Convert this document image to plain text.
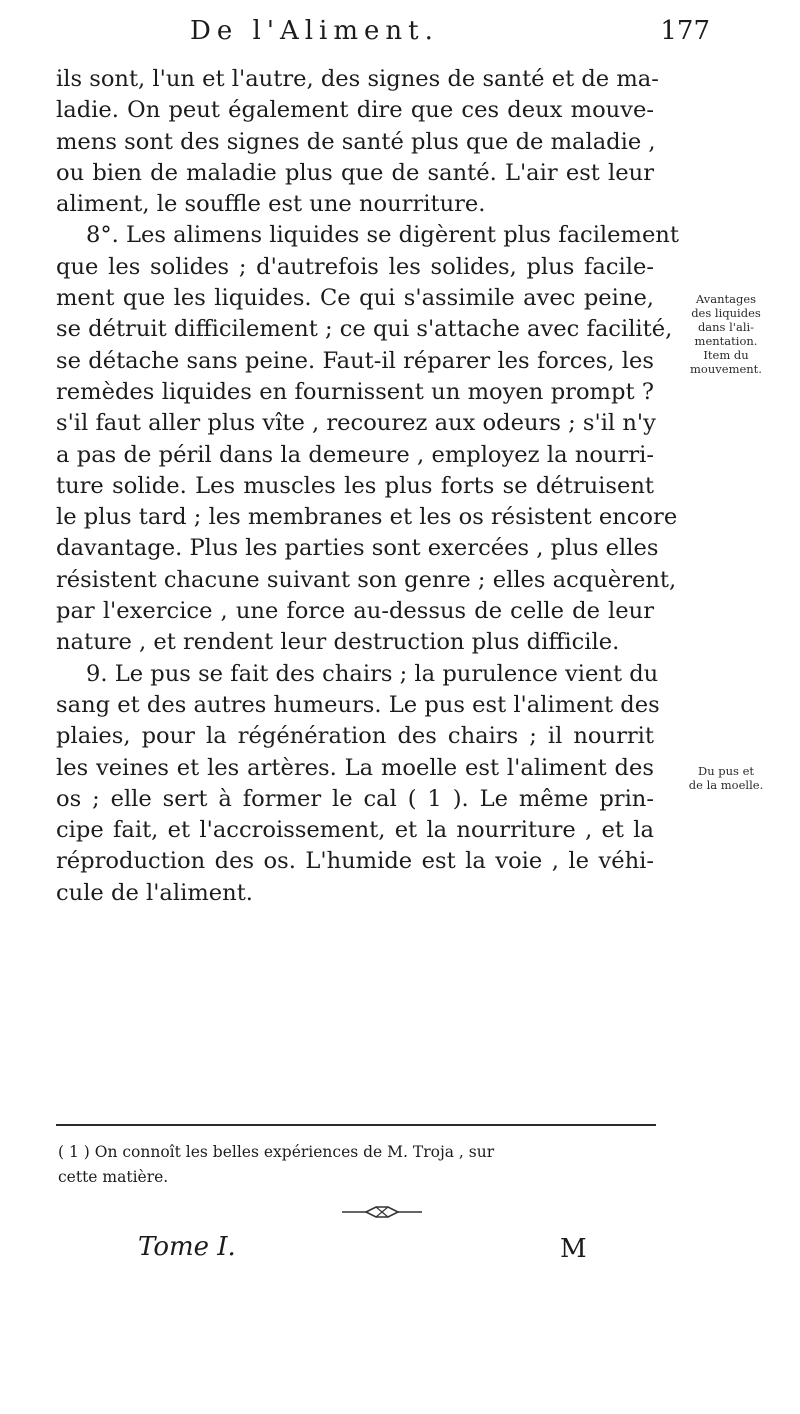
De l'Aliment.	177
ils sont, l'un et l'autre, des signes de santé et de ma-
ladie. On peut également dire que ces deux mouve-
mens sont des signes de santé plus que de maladie ,
ou bien de maladie plus que de santé. L'air est leur
aliment, le souffle est une nourriture.
8°. Les alimens liquides se digèrent plus facilement
que les solides ; d'autrefois les solides, plus facile-
ment que les liquides. Ce qui s'assimile avec peine,
se détruit difficilement ; ce qui s'attache avec facilité,
se détache sans peine. Faut-il réparer les forces, les
remèdes liquides en fournissent un moyen prompt ?
s'il faut aller plus vîte , recourez aux odeurs ; s'il n'y
a pas de péril dans la demeure , employez la nourri-
ture solide. Les muscles les plus forts se détruisent
le plus tard ; les membranes et les os résistent encore
davantage. Plus les parties sont exercées , plus elles
résistent chacune suivant son genre ; elles acquèrent,
par l'exercice , une force au-dessus de celle de leur
nature , et rendent leur destruction plus difficile.
9. Le pus se fait des chairs ; la purulence vient du
sang et des autres humeurs. Le pus est l'aliment des
plaies, pour la régénération des chairs ; il nourrit
les veines et les artères. La moelle est l'aliment des
os ; elle sert à former le cal ( 1 ). Le même prin-
cipe fait, et l'accroissement, et la nourriture , et la
réproduction des os. L'humide est la voie , le véhi-
cule de l'aliment.
Avantages
des liquides
dans l'ali-
mentation.
Item du
mouvement.
Du pus et
de la moelle.
( 1 ) On connoît les belles expériences de M. Troja , sur
cette matière.
Tome I.	M
